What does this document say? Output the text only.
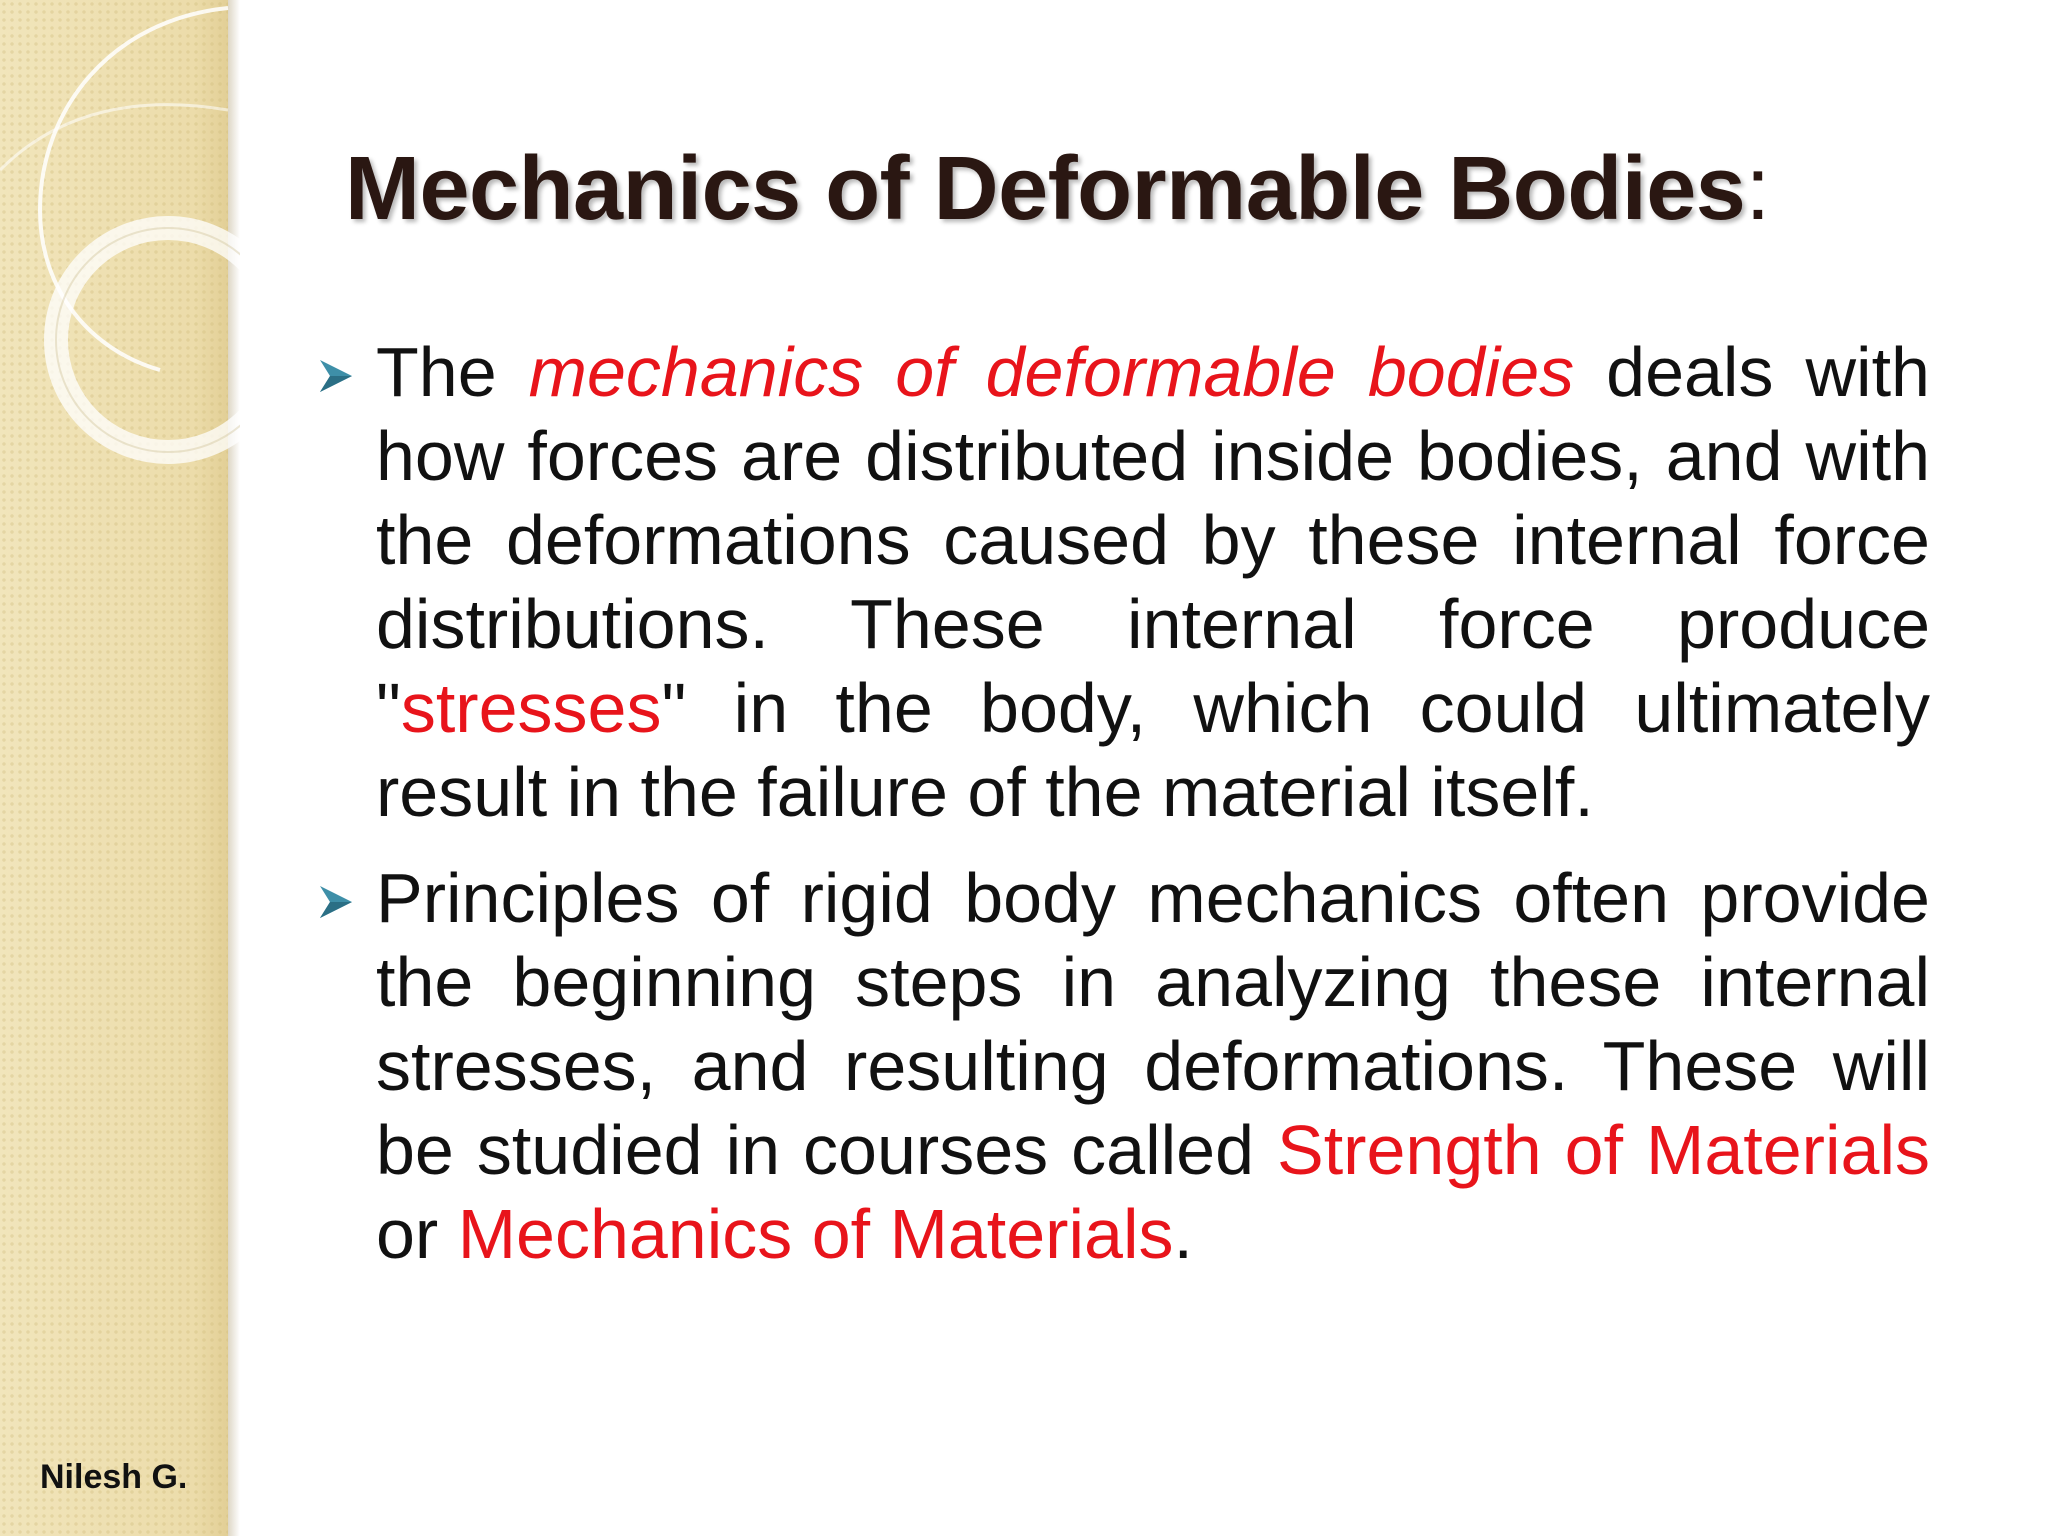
Nilesh G.
Mechanics of Deformable Bodies:
The mechanics of deformable bodies deals with how forces are distributed inside bodies, and with the deformations caused by these internal force distributions. These internal force produce "stresses" in the body, which could ultimately result in the failure of the material itself.
Principles of rigid body mechanics often provide the beginning steps in analyzing these internal stresses, and resulting deformations. These will be studied in courses called Strength of Materials or Mechanics of Materials.
